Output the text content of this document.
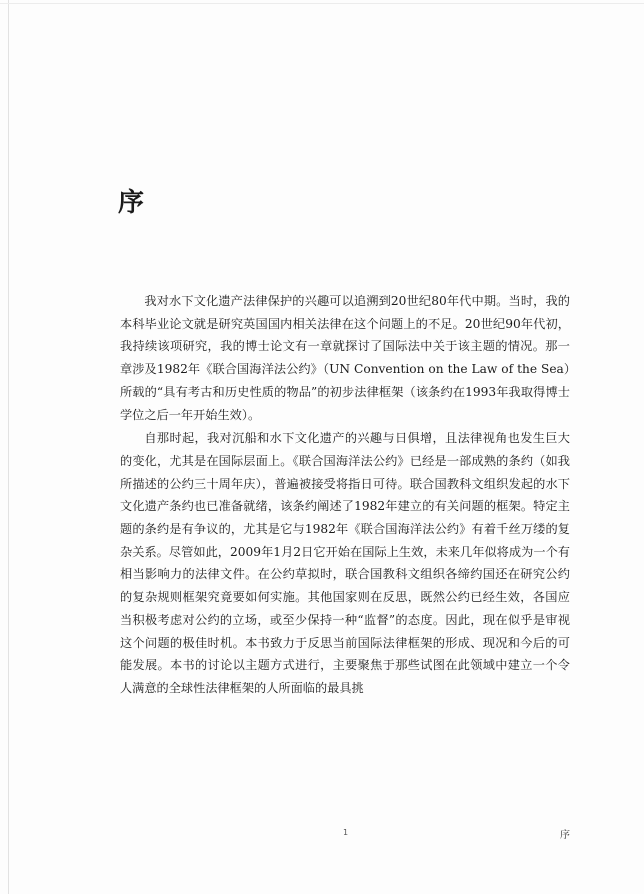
序

我对水下文化遗产法律保护的兴趣可以追溯到20世纪80年代中期。当时，我的本科毕业论文就是研究英国国内相关法律在这个问题上的不足。20世纪90年代初，我持续该项研究，我的博士论文有一章就探讨了国际法中关于该主题的情况。那一章涉及1982年《联合国海洋法公约》（UN Convention on the Law of the Sea）所载的“具有考古和历史性质的物品”的初步法律框架（该条约在1993年我取得博士学位之后一年开始生效）。

自那时起，我对沉船和水下文化遗产的兴趣与日俱增，且法律视角也发生巨大的变化，尤其是在国际层面上。《联合国海洋法公约》已经是一部成熟的条约（如我所描述的公约三十周年庆），普遍被接受将指日可待。联合国教科文组织发起的水下文化遗产条约也已准备就绪，该条约阐述了1982年建立的有关问题的框架。特定主题的条约是有争议的，尤其是它与1982年《联合国海洋法公约》有着千丝万缕的复杂关系。尽管如此，2009年1月2日它开始在国际上生效，未来几年似将成为一个有相当影响力的法律文件。在公约草拟时，联合国教科文组织各缔约国还在研究公约的复杂规则框架究竟要如何实施。其他国家则在反思，既然公约已经生效，各国应当积极考虑对公约的立场，或至少保持一种“监督”的态度。因此，现在似乎是审视这个问题的极佳时机。本书致力于反思当前国际法律框架的形成、现况和今后的可能发展。本书的讨论以主题方式进行，主要聚焦于那些试图在此领域中建立一个令人满意的全球性法律框架的人所面临的最具挑

1	序
